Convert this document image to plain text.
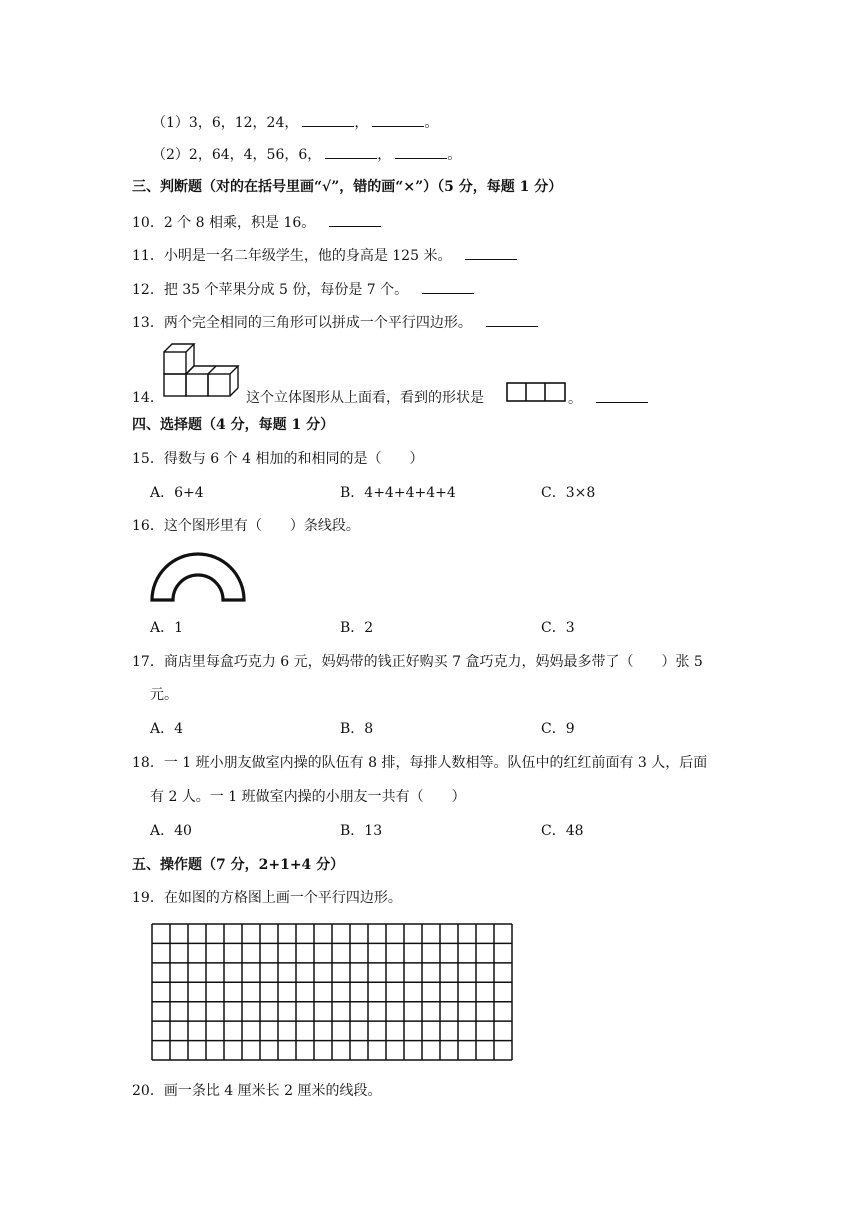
（1）3，6，12，24，	，	。
（2）2，64，4，56，6，	，	。
三、判断题（对的在括号里画“√”，错的画“×”）（5 分，每题 1 分）
10．2 个 8 相乘，积是 16。
11．小明是一名二年级学生，他的身高是 125 米。
12．把 35 个苹果分成 5 份，每份是 7 个。
13．两个完全相同的三角形可以拼成一个平行四边形。
14．	这个立体图形从上面看，看到的形状是	。
四、选择题（4 分，每题 1 分）
15．得数与 6 个 4 相加的和相同的是（　　）
A．6+4	B．4+4+4+4+4	C．3×8
16．这个图形里有（　　）条线段。
A．1	B．2	C．3
17．商店里每盒巧克力 6 元，妈妈带的钱正好购买 7 盒巧克力，妈妈最多带了（　　）张 5
元。
A．4	B．8	C．9
18．一 1 班小朋友做室内操的队伍有 8 排，每排人数相等。队伍中的红红前面有 3 人，后面
有 2 人。一 1 班做室内操的小朋友一共有（　　）
A．40	B．13	C．48
五、操作题（7 分，2+1+4 分）
19．在如图的方格图上画一个平行四边形。
20．画一条比 4 厘米长 2 厘米的线段。
